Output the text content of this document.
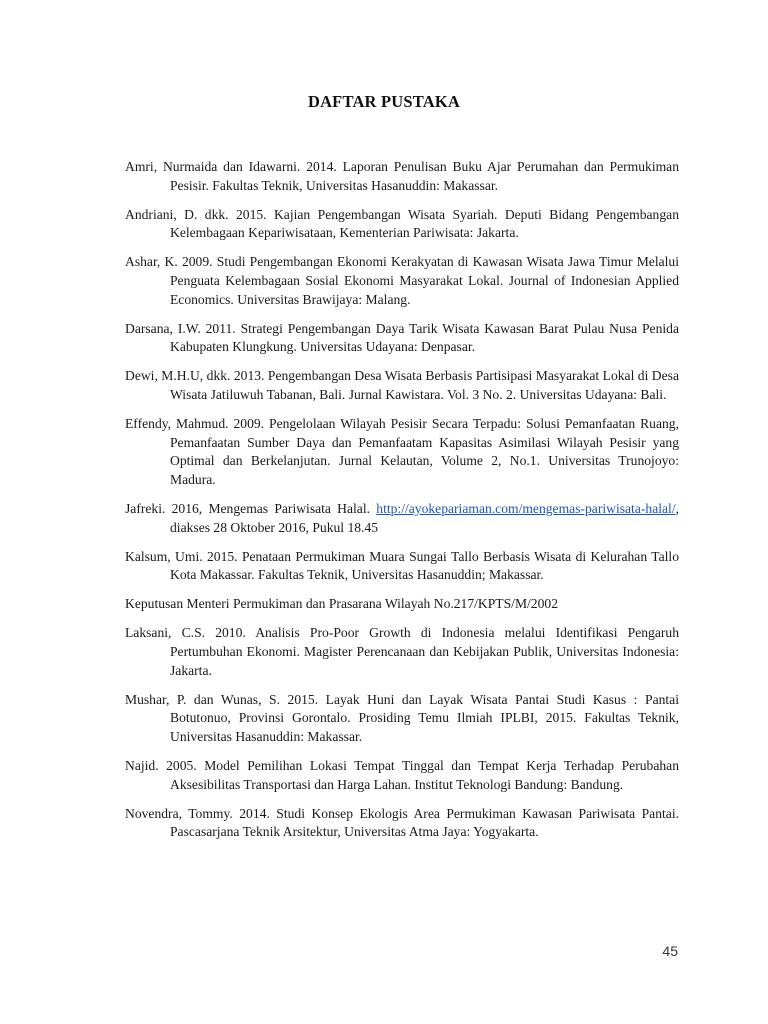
DAFTAR PUSTAKA

Amri, Nurmaida dan Idawarni. 2014. Laporan Penulisan Buku Ajar Perumahan dan Permukiman Pesisir. Fakultas Teknik, Universitas Hasanuddin: Makassar.

Andriani, D. dkk. 2015. Kajian Pengembangan Wisata Syariah. Deputi Bidang Pengembangan Kelembagaan Kepariwisataan, Kementerian Pariwisata: Jakarta.

Ashar, K. 2009. Studi Pengembangan Ekonomi Kerakyatan di Kawasan Wisata Jawa Timur Melalui Penguata Kelembagaan Sosial Ekonomi Masyarakat Lokal. Journal of Indonesian Applied Economics. Universitas Brawijaya: Malang.

Darsana, I.W. 2011. Strategi Pengembangan Daya Tarik Wisata Kawasan Barat Pulau Nusa Penida Kabupaten Klungkung. Universitas Udayana: Denpasar.

Dewi, M.H.U, dkk. 2013. Pengembangan Desa Wisata Berbasis Partisipasi Masyarakat Lokal di Desa Wisata Jatiluwuh Tabanan, Bali. Jurnal Kawistara. Vol. 3 No. 2. Universitas Udayana: Bali.

Effendy, Mahmud. 2009. Pengelolaan Wilayah Pesisir Secara Terpadu: Solusi Pemanfaatan Ruang, Pemanfaatan Sumber Daya dan Pemanfaatam Kapasitas Asimilasi Wilayah Pesisir yang Optimal dan Berkelanjutan. Jurnal Kelautan, Volume 2, No.1. Universitas Trunojoyo: Madura.

Jafreki. 2016, Mengemas Pariwisata Halal. http://ayokepariaman.com/mengemas-pariwisata-halal/, diakses 28 Oktober 2016, Pukul 18.45

Kalsum, Umi. 2015. Penataan Permukiman Muara Sungai Tallo Berbasis Wisata di Kelurahan Tallo Kota Makassar. Fakultas Teknik, Universitas Hasanuddin; Makassar.

Keputusan Menteri Permukiman dan Prasarana Wilayah No.217/KPTS/M/2002

Laksani, C.S. 2010. Analisis Pro-Poor Growth di Indonesia melalui Identifikasi Pengaruh Pertumbuhan Ekonomi. Magister Perencanaan dan Kebijakan Publik, Universitas Indonesia: Jakarta.

Mushar, P. dan Wunas, S. 2015. Layak Huni dan Layak Wisata Pantai Studi Kasus : Pantai Botutonuo, Provinsi Gorontalo. Prosiding Temu Ilmiah IPLBI, 2015. Fakultas Teknik, Universitas Hasanuddin: Makassar.

Najid. 2005. Model Pemilihan Lokasi Tempat Tinggal dan Tempat Kerja Terhadap Perubahan Aksesibilitas Transportasi dan Harga Lahan. Institut Teknologi Bandung: Bandung.

Novendra, Tommy. 2014. Studi Konsep Ekologis Area Permukiman Kawasan Pariwisata Pantai. Pascasarjana Teknik Arsitektur, Universitas Atma Jaya: Yogyakarta.

45
